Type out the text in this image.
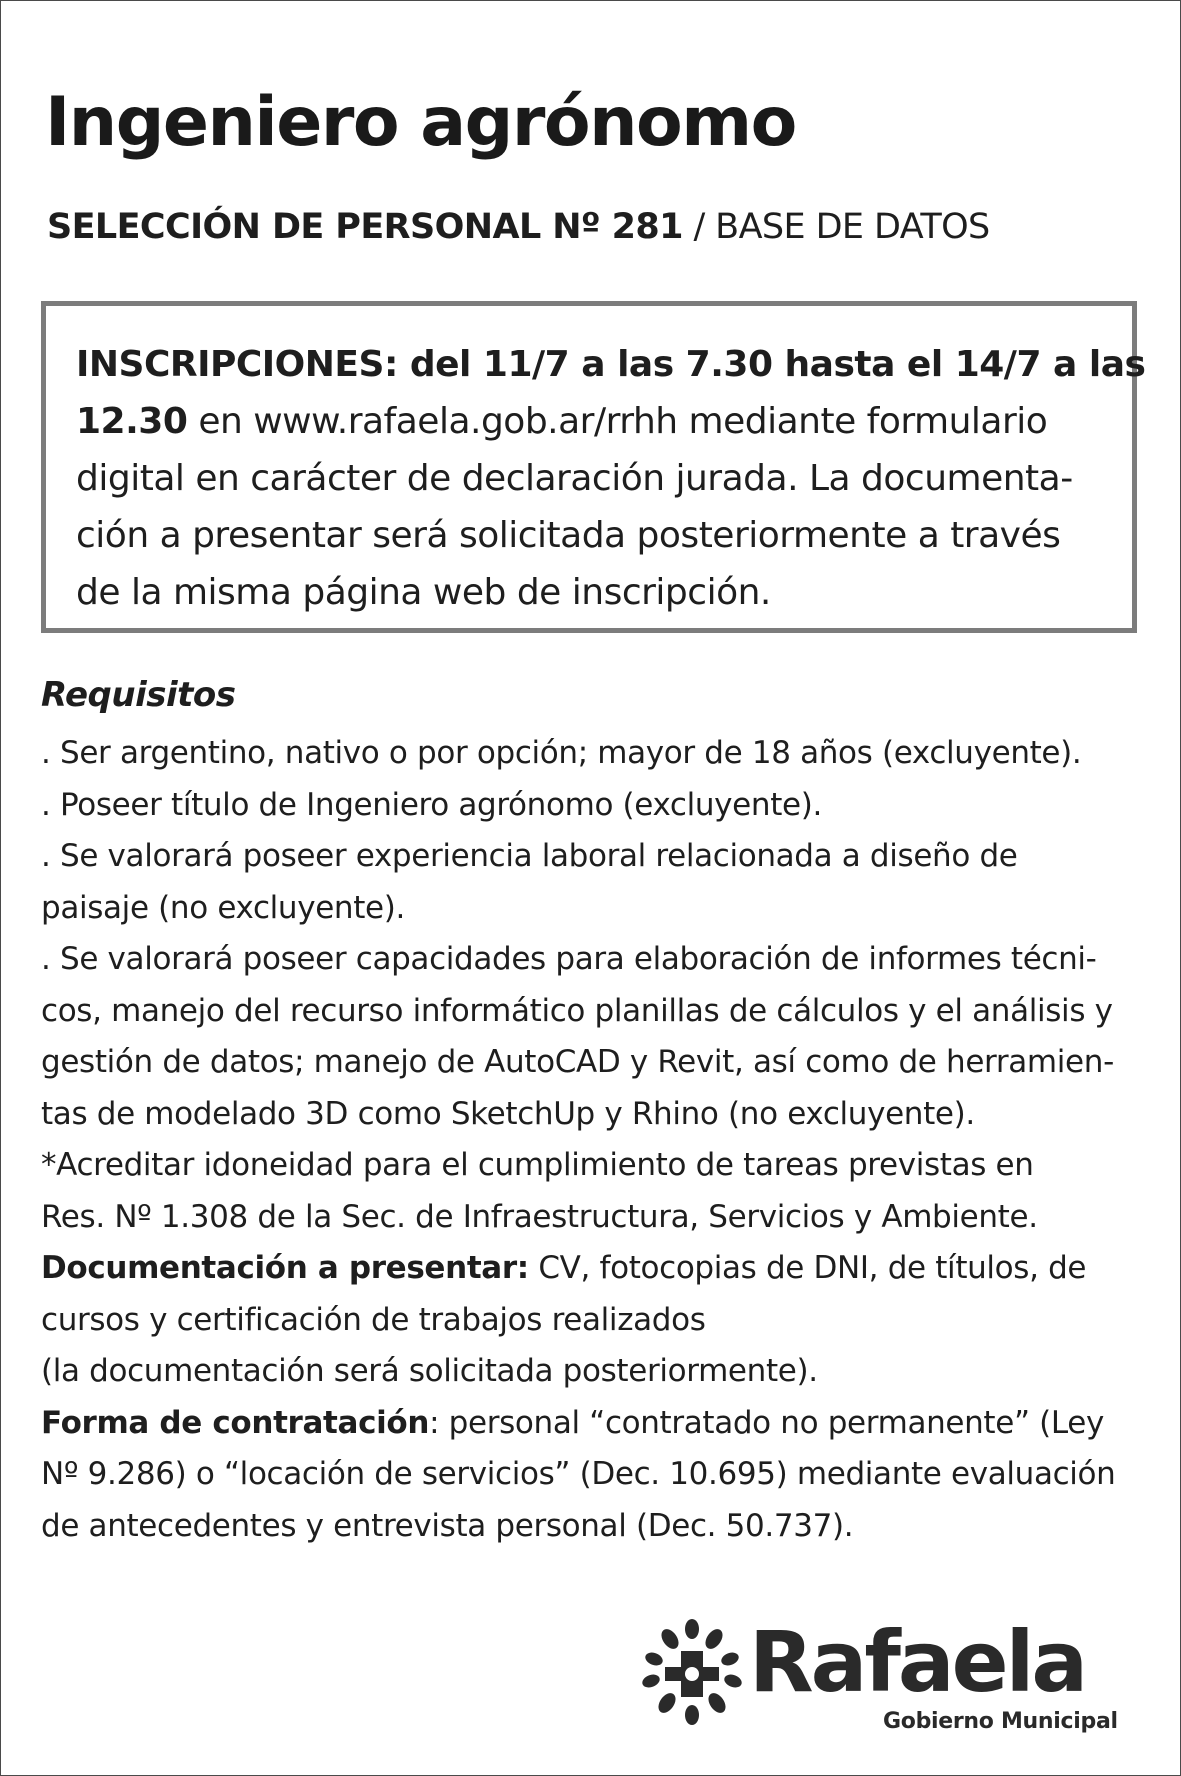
Ingeniero agrónomo

SELECCIÓN DE PERSONAL Nº 281 / BASE DE DATOS

INSCRIPCIONES: del 11/7 a las 7.30 hasta el 14/7 a las

12.30 en www.rafaela.gob.ar/rrhh mediante formulario

digital en carácter de declaración jurada. La documenta-

ción a presentar será solicitada posteriormente a través

de la misma página web de inscripción.

Requisitos

. Ser argentino, nativo o por opción; mayor de 18 años (excluyente).

. Poseer título de Ingeniero agrónomo (excluyente).

. Se valorará poseer experiencia laboral relacionada a diseño de

paisaje (no excluyente).

. Se valorará poseer capacidades para elaboración de informes técni-

cos, manejo del recurso informático planillas de cálculos y el análisis y

gestión de datos; manejo de AutoCAD y Revit, así como de herramien-

tas de modelado 3D como SketchUp y Rhino (no excluyente).

*Acreditar idoneidad para el cumplimiento de tareas previstas en

Res. Nº 1.308 de la Sec. de Infraestructura, Servicios y Ambiente.

Documentación a presentar: CV, fotocopias de DNI, de títulos, de

cursos y certificación de trabajos realizados

(la documentación será solicitada posteriormente).

Forma de contratación: personal “contratado no permanente” (Ley

Nº 9.286) o “locación de servicios” (Dec. 10.695) mediante evaluación

de antecedentes y entrevista personal (Dec. 50.737).

Rafaela

Gobierno Municipal
